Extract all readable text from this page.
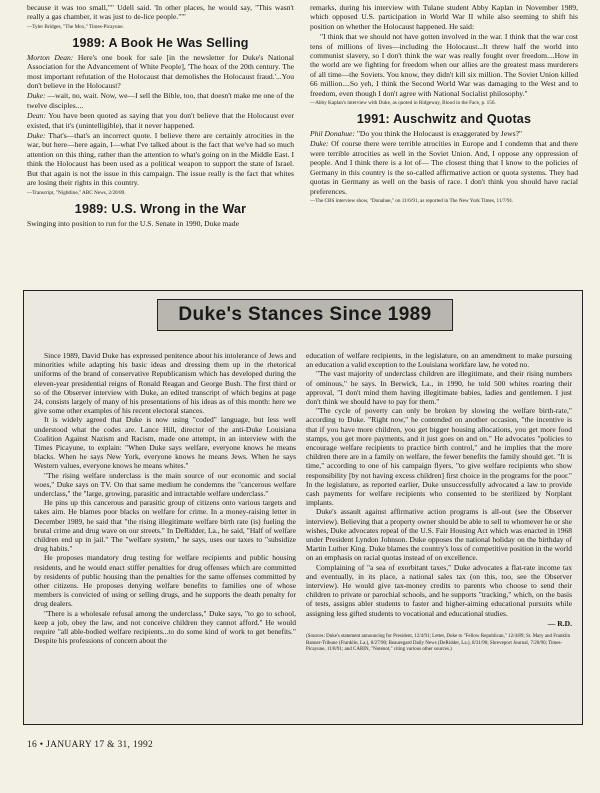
because it was too small,"" Udell said. 'In other places, he would say, "This wasn't really a gas chamber, it was just to de-lice people."'"

—Tyler Bridges, "The Mox," Times-Picayune.

1989: A Book He Was Selling

Morton Dean: Here's one book for sale [in the newsletter for Duke's National Association for the Advancement of White People], 'The hoax of the 20th century. The most important refutation of the Holocaust that demolishes the Holocaust fraud.'...You don't believe in the Holocaust?

Duke: —wait, no, wait. Now, we—I sell the Bible, too, that doesn't make me one of the twelve disciples....

Dean: You have been quoted as saying that you don't believe that the Holocaust ever existed, that it's (unintelligible), that it never happened.

Duke: That's—that's an incorrect quote. I believe there are certainly atrocities in the war, but here—here again, I—what I've talked about is the fact that we've had so much attention on this thing, rather than the attention to what's going on in the Middle East. I think the Holocaust has been used as a political weapon to support the state of Israel. But that again is not the issue in this campaign. The issue really is the fact that whites are losing their rights in this country.

—Transcript, "Nightline," ABC News, 2/20/89.

1989: U.S. Wrong in the War

Swinging into position to run for the U.S. Senate in 1990, Duke made

remarks, during his interview with Tulane student Abby Kaplan in November 1989, which opposed U.S. participation in World War II while also seeming to shift his position on whether the Holocaust happened. He said:

"I think that we should not have gotten involved in the war. I think that the war cost tens of millions of lives—including the Holocaust...It threw half the world into communist slavery, so I don't think the war was really fought over freedom....How in the world are we fighting for freedom when our allies are the greatest mass murderers of all time—the Soviets. You know, they didn't kill six million. The Soviet Union killed 66 million....So yeh, I think the Second World War was damaging to the West and to freedom, even though I don't agree with National Socialist philosophy."

—Abby Kaplan's interview with Duke, as quoted in Ridgeway, Blood in the Face, p. 156.

1991: Auschwitz and Quotas

Phil Donahue: "Do you think the Holocaust is exaggerated by Jews?"

Duke: Of course there were terrible atrocities in Europe and I condemn that and there were terrible atrocities as well in the Soviet Union. And, I oppose any oppression of people. And I think there is a lot of— The closest thing that I know to the policies of Germany in this country is the so-called affirmative action or quota systems. They had quotas in Germany as well on the basis of race. I don't think you should have racial preferences.

—The CBS interview show, "Donahue," on 11/6/91, as reported in The New York Times, 11/7/91.

Duke's Stances Since 1989

Since 1989, David Duke has expressed penitence about his intolerance of Jews and minorities while adapting his basic ideas and dressing them up in the rhetorical uniforms of the brand of conservative Republicanism which has developed during the eleven-year presidential reigns of Ronald Reagan and George Bush. The first third or so of the Observer interview with Duke, an edited transcript of which begins at page 24, consists largely of many of his presentations of his ideas as of this month: here we give some other examples of his recent electoral stances.

It is widely agreed that Duke is now using "coded" language, but less well understood what the codes are. Lance Hill, director of the anti-Duke Louisiana Coalition Against Nazism and Racism, made one attempt, in an interview with the Times Picayune, to explain: "When Duke says welfare, everyone knows he means blacks. When he says New York, everyone knows he means Jews. When he says Western values, everyone knows he means whites."

"The rising welfare underclass is the main source of our economic and social woes," Duke says on TV. On that same medium he condemns the "cancerous welfare underclass," the "large, growing, parasitic and intractable welfare underclass."

He pins up this cancerous and parasitic group of citizens onto various targets and takes aim. He blames poor blacks on welfare for crime. In a money-raising letter in December 1989, he said that "the rising illegitimate welfare birth rate (is) fueling the brutal crime and drug wave on our streets." In DeRidder, La., he said, "Half of welfare children end up in jail." The "welfare system," he says, uses our taxes to "subsidize drug habits."

He proposes mandatory drug testing for welfare recipients and public housing residents, and he would enact stiffer penalties for drug offenses which are committed by residents of public housing than the penalties for the same offenses committed by other citizens. He proposes denying welfare benefits to families one of whose members is convicted of using or selling drugs, and he supports the death penalty for drug dealers.

"There is a wholesale refusal among the underclass," Duke says, "to go to school, keep a job, obey the law, and not conceive children they cannot afford." He would require "all able-bodied welfare recipients...to do some kind of work to get benefits." Despite his professions of concern about the

education of welfare recipients, in the legislature, on an amendment to make pursuing an education a valid exception to the Louisiana workfare law, he voted no.

"The vast majority of underclass children are illegitimate, and their rising numbers of ominous," he says. In Berwick, La., in 1990, he told 500 whites roaring their approval, "I don't mind them having illegitimate babies, ladies and gentlemen. I just don't think we should have to pay for them."

"The cycle of poverty can only be broken by slowing the welfare birth-rate," according to Duke. "Right now," he contended on another occasion, "the incentive is that if you have more children, you get bigger housing allocations, you get more food stamps, you get more payments, and it just goes on and on." He advocates "policies to encourage welfare recipients to practice birth control," and he implies that the more children there are in a family on welfare, the fewer benefits the family should get. "It is time," according to one of his campaign flyers, "to give welfare recipients who show responsibility [by not having excess children] first choice in the programs for the poor." In the legislature, as reported earlier, Duke unsuccessfully advocated a law to provide cash payments for welfare recipients who consented to be sterilized by Norplant implants.

Duke's assault against affirmative action programs is all-out (see the Observer interview). Believing that a property owner should be able to sell to whomever he or she wishes, Duke advocates repeal of the U.S. Fair Housing Act which was enacted in 1968 under President Lyndon Johnson. Duke opposes the national holiday on the birthday of Martin Luther King. Duke blames the country's loss of competitive position in the world on an emphasis on racial quotas instead of on excellence.

Complaining of "a sea of exorbitant taxes," Duke advocates a flat-rate income tax and eventually, in its place, a national sales tax (on this, too, see the Observer interview). He would give tax-money credits to parents who choose to send their children to private or parochial schools, and he supports "tracking," which, on the basis of tests, assigns abler students to faster and higher-aiming educational pursuits while assigning less gifted students to vocational and educational studies.

— R.D.
(Sources: Duke's statement announcing for President, 12/4/91; Letter, Duke to "Fellow Republican," 12/4/89; St. Mary and Franklin Banner-Tribune (Franklin, La.), 8/27/90; Beauregard Daily News (DeRidder, La.), 8/31/90; Shreveport Journal, 7/20/90; Times-Picayune, 11/8/91; and CARIN, "Notenot," citing various other sources.)
16 • JANUARY 17 & 31, 1992
